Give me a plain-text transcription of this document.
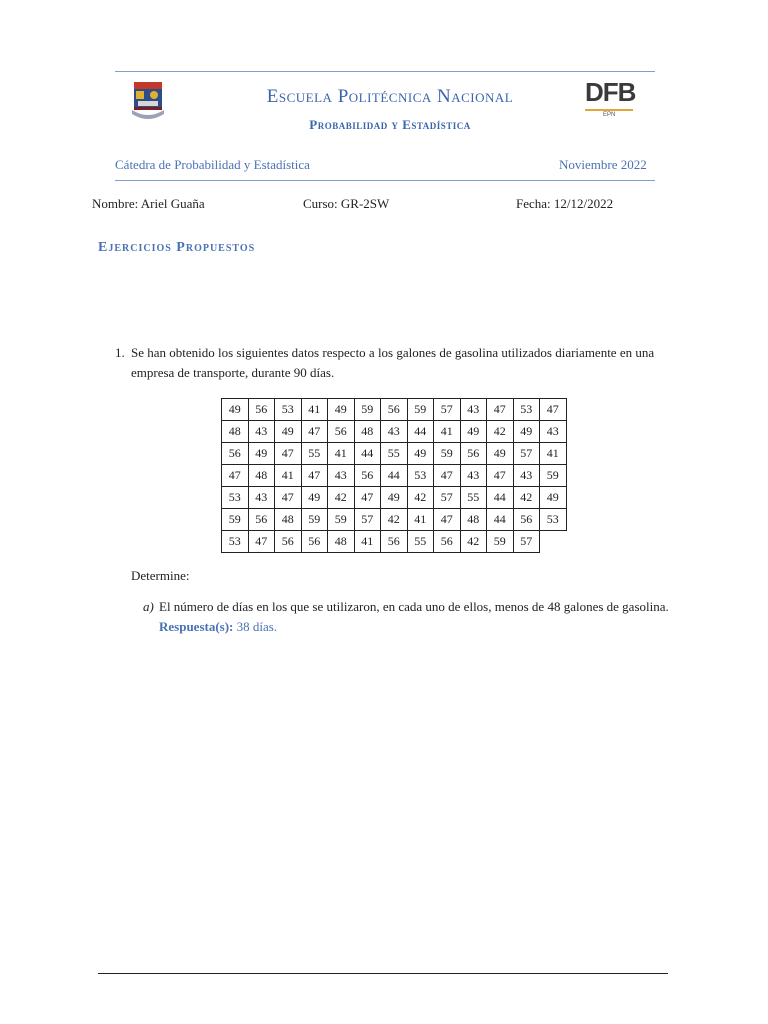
Escuela Politécnica Nacional
Probabilidad y Estadística
DFB
EPN
Cátedra de Probabilidad y Estadística	Noviembre 2022
Nombre: Ariel Guaña	Curso: GR-2SW	Fecha: 12/12/2022
Ejercicios Propuestos
1. Se han obtenido los siguientes datos respecto a los galones de gasolina utilizados diariamente en una empresa de transporte, durante 90 días.
49	56	53	41	49	59	56	59	57	43	47	53	47
48	43	49	47	56	48	43	44	41	49	42	49	43
56	49	47	55	41	44	55	49	59	56	49	57	41
47	48	41	47	43	56	44	53	47	43	47	43	59
53	43	47	49	42	47	49	42	57	55	44	42	49
59	56	48	59	59	57	42	41	47	48	44	56	53
53	47	56	56	48	41	56	55	56	42	59	57	
Determine:
a) El número de días en los que se utilizaron, en cada uno de ellos, menos de 48 galones de gasolina. Respuesta(s): 38 días.
